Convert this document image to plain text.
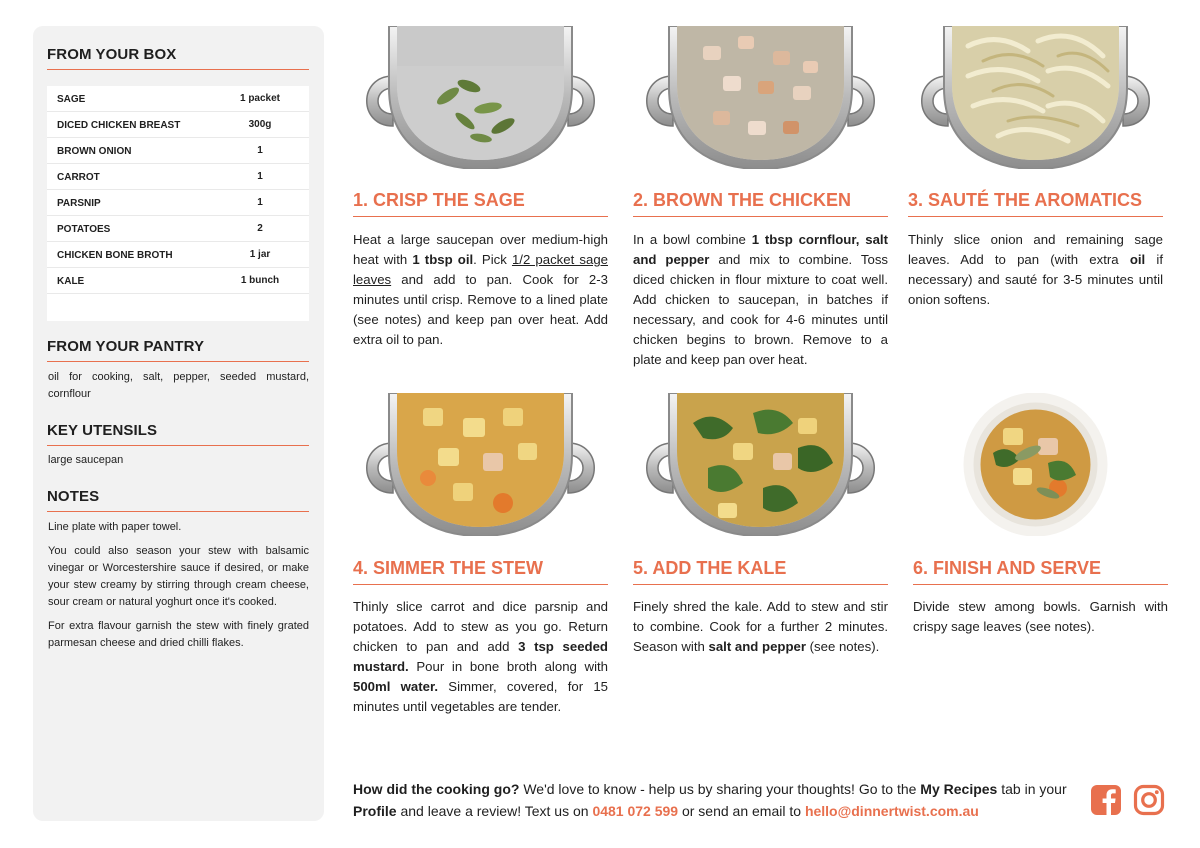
FROM YOUR BOX
SAGE	1 packet
DICED CHICKEN BREAST	300g
BROWN ONION	1
CARROT	1
PARSNIP	1
POTATOES	2
CHICKEN BONE BROTH	1 jar
KALE	1 bunch
FROM YOUR PANTRY
oil for cooking, salt, pepper, seeded mustard, cornflour
KEY UTENSILS
large saucepan
NOTES

Line plate with paper towel.

You could also season your stew with balsamic vinegar or Worcestershire sauce if desired, or make your stew creamy by stirring through cream cheese, sour cream or natural yoghurt once it's cooked.

For extra flavour garnish the stew with finely grated parmesan cheese and dried chilli flakes.

1. CRISP THE SAGE
Heat a large saucepan over medium-high heat with 1 tbsp oil. Pick 1/2 packet sage leaves and add to pan. Cook for 2-3 minutes until crisp. Remove to a lined plate (see notes) and keep pan over heat. Add extra oil to pan.
2. BROWN THE CHICKEN
In a bowl combine 1 tbsp cornflour, salt and pepper and mix to combine. Toss diced chicken in flour mixture to coat well. Add chicken to saucepan, in batches if necessary, and cook for 4-6 minutes until chicken begins to brown. Remove to a plate and keep pan over heat.
3. SAUTÉ THE AROMATICS
Thinly slice onion and remaining sage leaves. Add to pan (with extra oil if necessary) and sauté for 3-5 minutes until onion softens.
4. SIMMER THE STEW
Thinly slice carrot and dice parsnip and potatoes. Add to stew as you go. Return chicken to pan and add 3 tsp seeded mustard. Pour in bone broth along with 500ml water. Simmer, covered, for 15 minutes until vegetables are tender.
5. ADD THE KALE
Finely shred the kale. Add to stew and stir to combine. Cook for a further 2 minutes. Season with salt and pepper (see notes).
6. FINISH AND SERVE
Divide stew among bowls. Garnish with crispy sage leaves (see notes).
How did the cooking go? We'd love to know - help us by sharing your thoughts! Go to the My Recipes tab in your Profile and leave a review! Text us on 0481 072 599 or send an email to hello@dinnertwist.com.au
